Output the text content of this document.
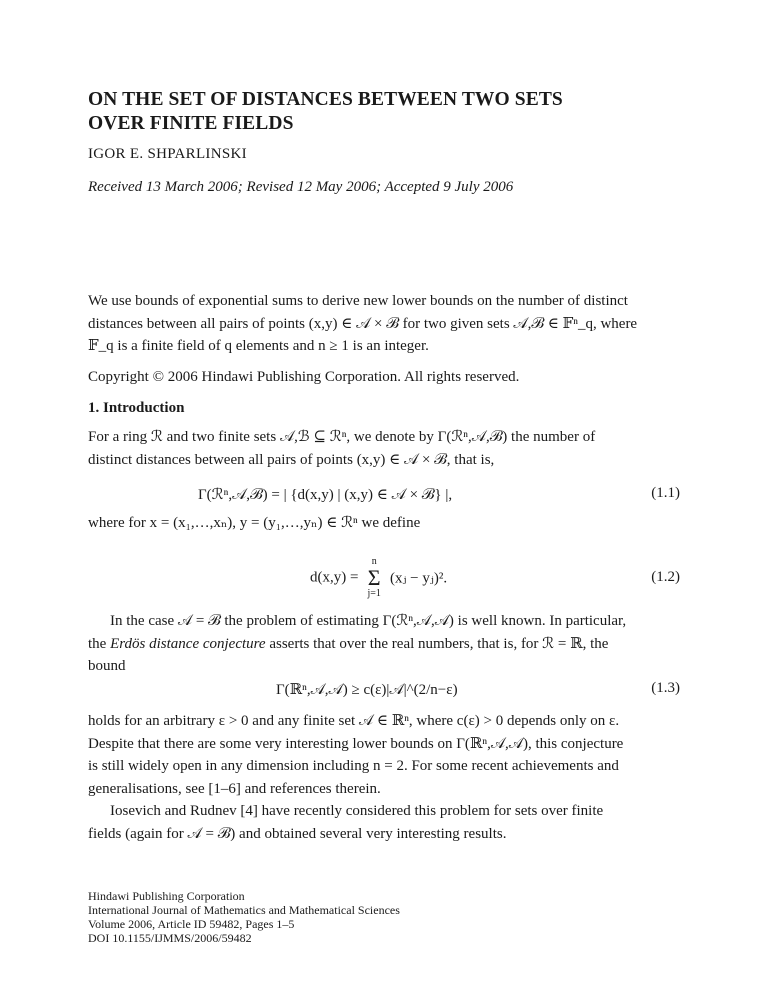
ON THE SET OF DISTANCES BETWEEN TWO SETS
OVER FINITE FIELDS
IGOR E. SHPARLINSKI
Received 13 March 2006; Revised 12 May 2006; Accepted 9 July 2006

We use bounds of exponential sums to derive new lower bounds on the number of distinct

distances between all pairs of points (x,y) ∈ 𝒜 × ℬ for two given sets 𝒜,ℬ ∈ 𝔽ⁿ_q, where

𝔽_q is a finite field of q elements and n ≥ 1 is an integer.

Copyright © 2006 Hindawi Publishing Corporation. All rights reserved.
1. Introduction

For a ring ℛ and two finite sets 𝒜,ℬ ⊆ ℛⁿ, we denote by Γ(ℛⁿ,𝒜,ℬ) the number of

distinct distances between all pairs of points (x,y) ∈ 𝒜 × ℬ, that is,

Γ(ℛⁿ,𝒜,ℬ) = | {d(x,y) | (x,y) ∈ 𝒜 × ℬ} |,	(1.1)
where for x = (x₁,…,xₙ), y = (y₁,…,yₙ) ∈ ℛⁿ we define
d(x,y) =
n
Σ
j=1
(xⱼ − yⱼ)².	(1.2)

In the case 𝒜 = ℬ the problem of estimating Γ(ℛⁿ,𝒜,𝒜) is well known. In particular,

the Erdös distance conjecture asserts that over the real numbers, that is, for ℛ = ℝ, the

bound

Γ(ℝⁿ,𝒜,𝒜) ≥ c(ε)|𝒜|^(2/n−ε)	(1.3)

holds for an arbitrary ε > 0 and any finite set 𝒜 ∈ ℝⁿ, where c(ε) > 0 depends only on ε.

Despite that there are some very interesting lower bounds on Γ(ℝⁿ,𝒜,𝒜), this conjecture

is still widely open in any dimension including n = 2. For some recent achievements and

generalisations, see [1–6] and references therein.

Iosevich and Rudnev [4] have recently considered this problem for sets over finite

fields (again for 𝒜 = ℬ) and obtained several very interesting results.

Hindawi Publishing Corporation
International Journal of Mathematics and Mathematical Sciences
Volume 2006, Article ID 59482, Pages 1–5
DOI 10.1155/IJMMS/2006/59482
